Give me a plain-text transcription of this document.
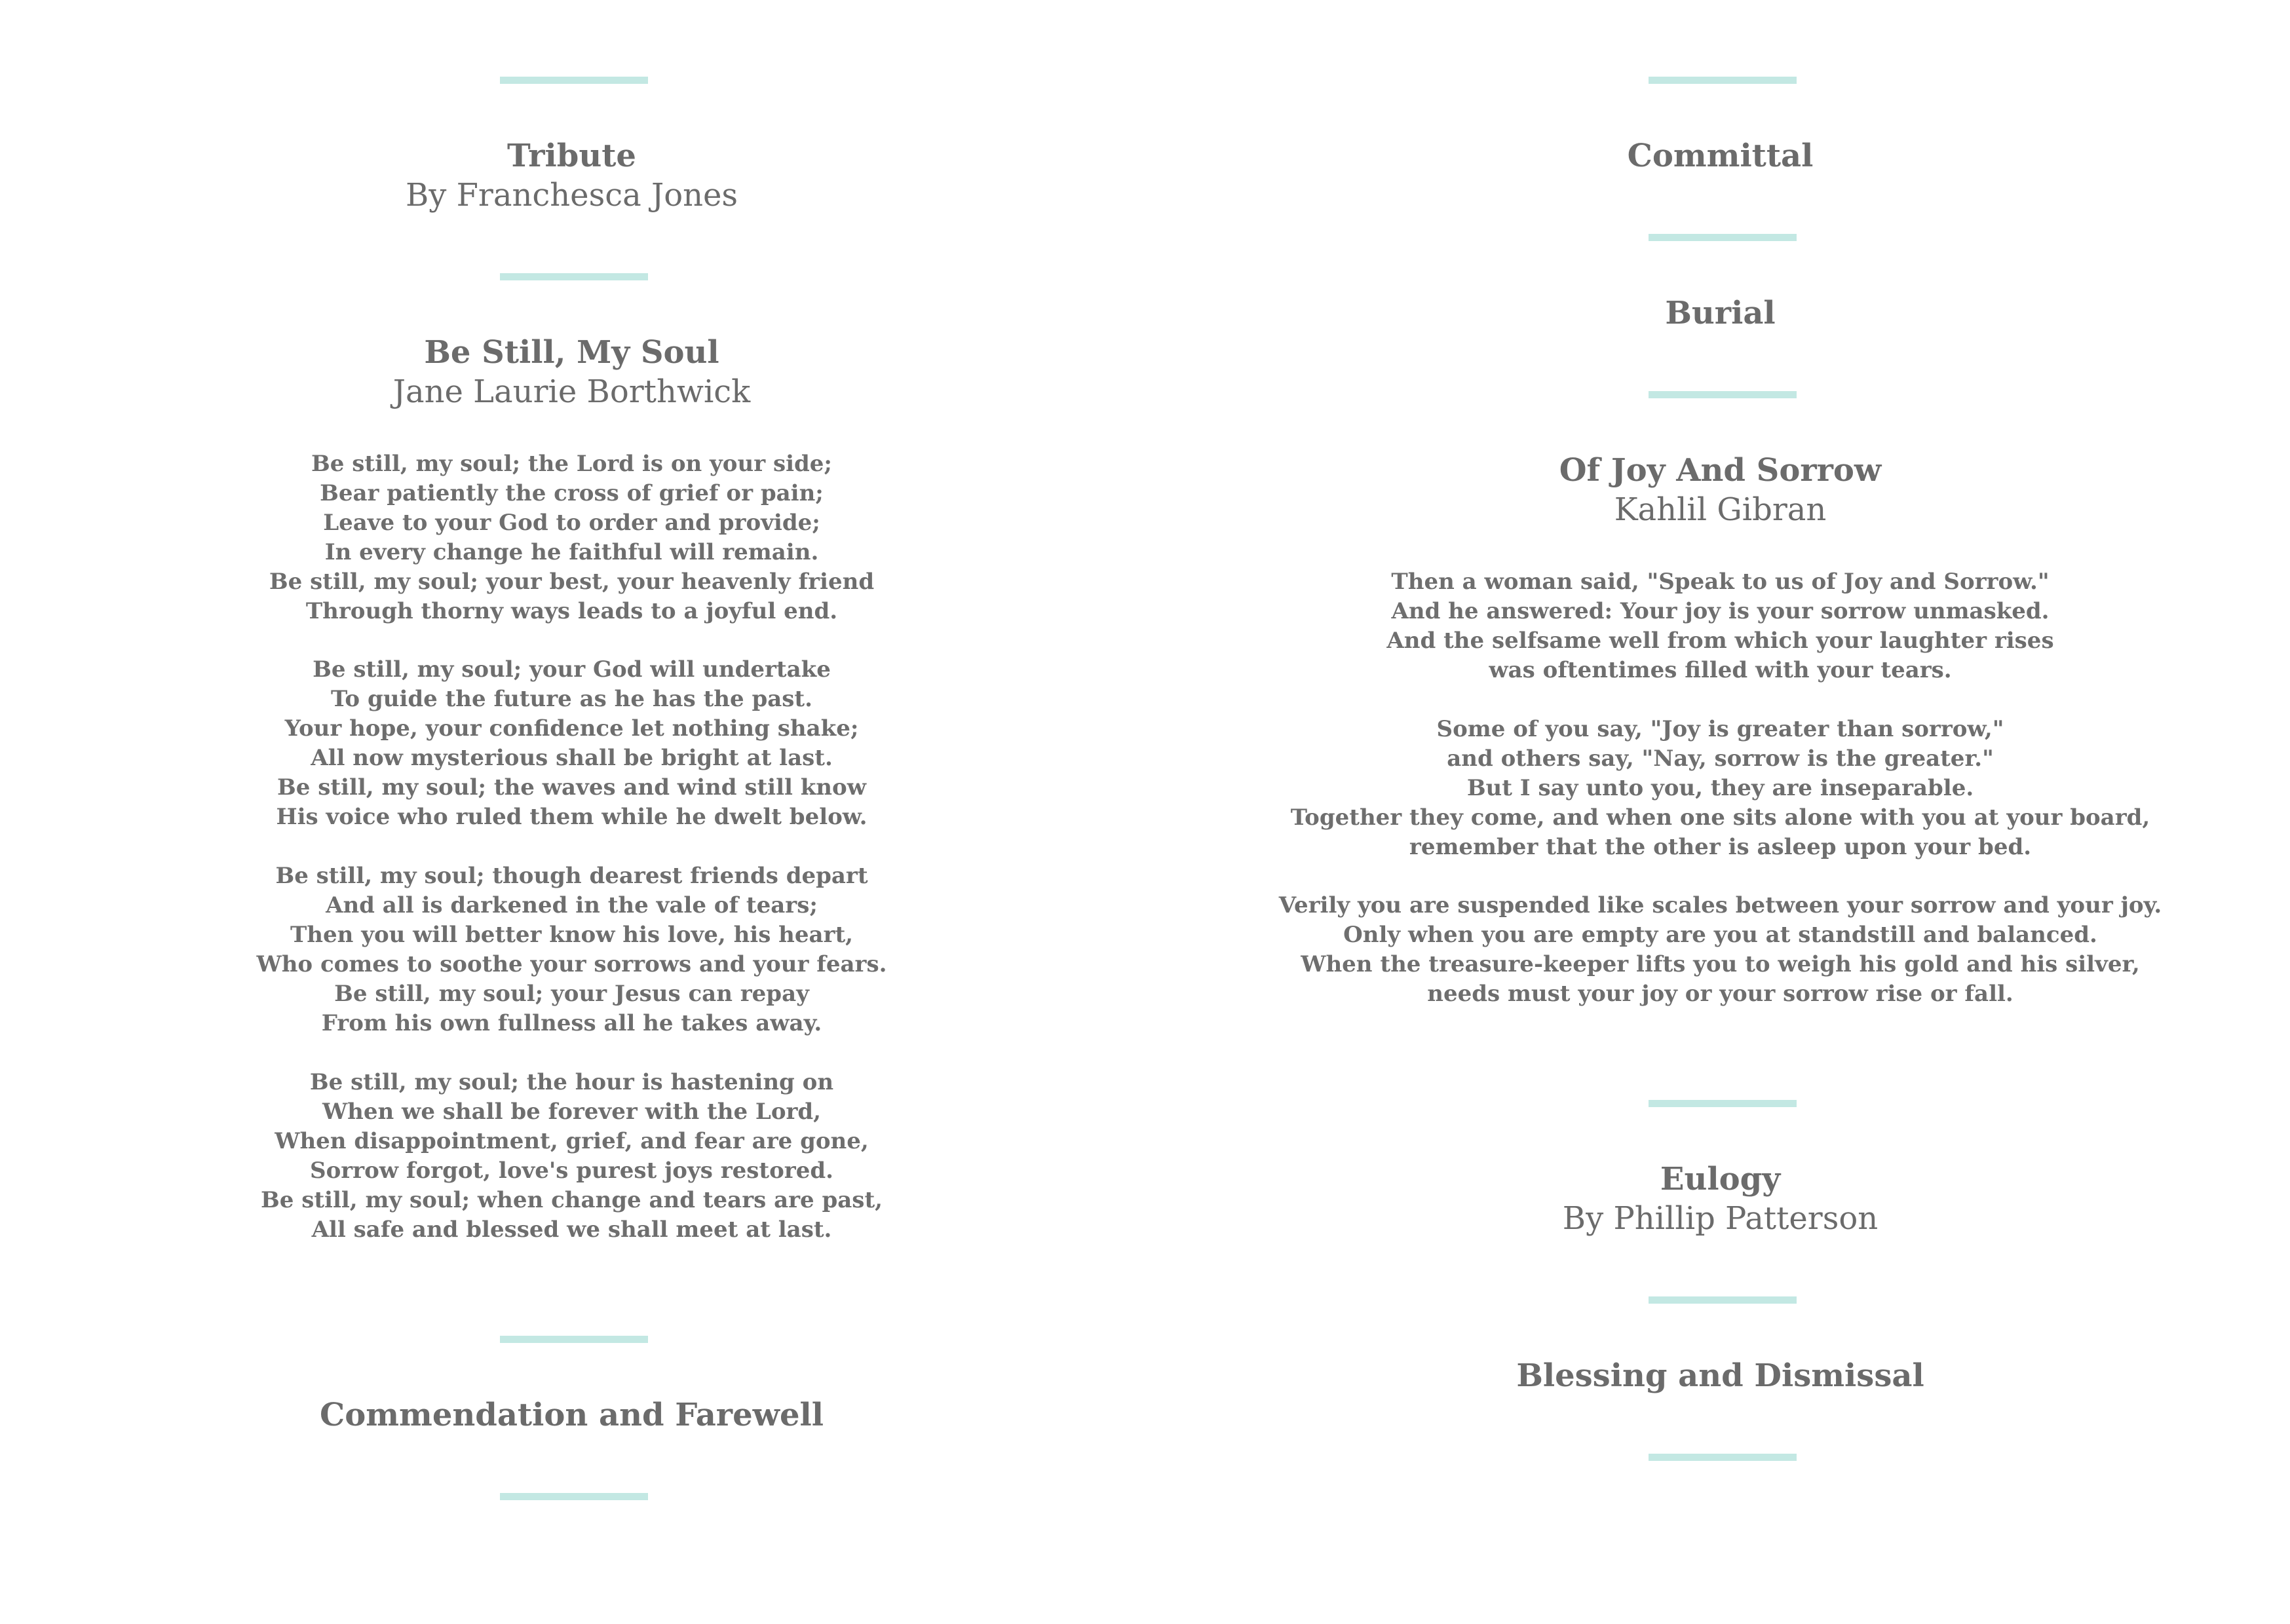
Tribute
By Franchesca Jones
Be Still, My Soul
Jane Laurie Borthwick
Be still, my soul; the Lord is on your side;
Bear patiently the cross of grief or pain;
Leave to your God to order and provide;
In every change he faithful will remain.
Be still, my soul; your best, your heavenly friend
Through thorny ways leads to a joyful end.
Be still, my soul; your God will undertake
To guide the future as he has the past.
Your hope, your confidence let nothing shake;
All now mysterious shall be bright at last.
Be still, my soul; the waves and wind still know
His voice who ruled them while he dwelt below.
Be still, my soul; though dearest friends depart
And all is darkened in the vale of tears;
Then you will better know his love, his heart,
Who comes to soothe your sorrows and your fears.
Be still, my soul; your Jesus can repay
From his own fullness all he takes away.
Be still, my soul; the hour is hastening on
When we shall be forever with the Lord,
When disappointment, grief, and fear are gone,
Sorrow forgot, love's purest joys restored.
Be still, my soul; when change and tears are past,
All safe and blessed we shall meet at last.
Commendation and Farewell
Committal
Burial
Of Joy And Sorrow
Kahlil Gibran
Then a woman said, "Speak to us of Joy and Sorrow."
And he answered: Your joy is your sorrow unmasked.
And the selfsame well from which your laughter rises
was oftentimes filled with your tears.
Some of you say, "Joy is greater than sorrow,"
and others say, "Nay, sorrow is the greater."
But I say unto you, they are inseparable.
Together they come, and when one sits alone with you at your board,
remember that the other is asleep upon your bed.
Verily you are suspended like scales between your sorrow and your joy.
Only when you are empty are you at standstill and balanced.
When the treasure-keeper lifts you to weigh his gold and his silver,
needs must your joy or your sorrow rise or fall.
Eulogy
By Phillip Patterson
Blessing and Dismissal
